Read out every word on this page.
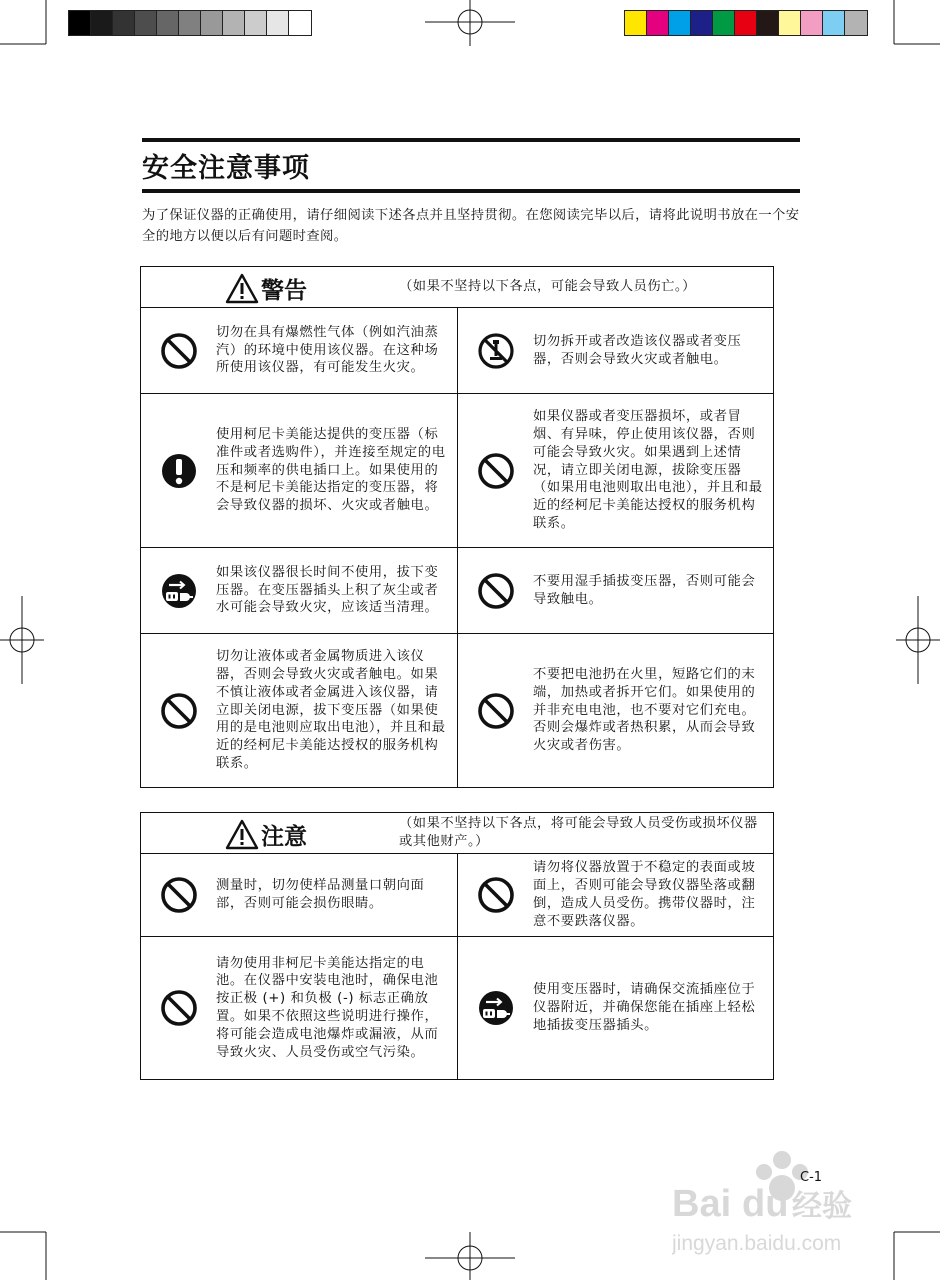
安全注意事项

为了保证仪器的正确使用，请仔细阅读下述各点并且坚持贯彻。在您阅读完毕以后，请将此说明书放在一个安全的地方以便以后有问题时查阅。

警告	（如果不坚持以下各点，可能会导致人员伤亡。）
切勿在具有爆燃性气体（例如汽油蒸汽）的环境中使用该仪器。在这种场所使用该仪器，有可能发生火灾。
切勿拆开或者改造该仪器或者变压器，否则会导致火灾或者触电。
使用柯尼卡美能达提供的变压器（标准件或者选购件），并连接至规定的电压和频率的供电插口上。如果使用的不是柯尼卡美能达指定的变压器，将会导致仪器的损坏、火灾或者触电。
如果仪器或者变压器损坏，或者冒烟、有异味，停止使用该仪器，否则可能会导致火灾。如果遇到上述情况，请立即关闭电源，拔除变压器（如果用电池则取出电池），并且和最近的经柯尼卡美能达授权的服务机构联系。
如果该仪器很长时间不使用，拔下变压器。在变压器插头上积了灰尘或者水可能会导致火灾，应该适当清理。
不要用湿手插拔变压器，否则可能会导致触电。
切勿让液体或者金属物质进入该仪器，否则会导致火灾或者触电。如果不慎让液体或者金属进入该仪器，请立即关闭电源，拔下变压器（如果使用的是电池则应取出电池），并且和最近的经柯尼卡美能达授权的服务机构联系。
不要把电池扔在火里，短路它们的末端，加热或者拆开它们。如果使用的并非充电电池，也不要对它们充电。否则会爆炸或者热积累，从而会导致火灾或者伤害。
注意
（如果不坚持以下各点，将可能会导致人员受伤或损坏仪器或其他财产。）
测量时，切勿使样品测量口朝向面部，否则可能会损伤眼睛。
请勿将仪器放置于不稳定的表面或坡面上，否则可能会导致仪器坠落或翻倒，造成人员受伤。携带仪器时，注意不要跌落仪器。
请勿使用非柯尼卡美能达指定的电池。在仪器中安装电池时，确保电池按正极 (+) 和负极 (-) 标志正确放置。如果不依照这些说明进行操作，将可能会造成电池爆炸或漏液，从而导致火灾、人员受伤或空气污染。
使用变压器时，请确保交流插座位于仪器附近，并确保您能在插座上轻松地插拔变压器插头。
Bai du 经验
jingyan.baidu.com
C-1
